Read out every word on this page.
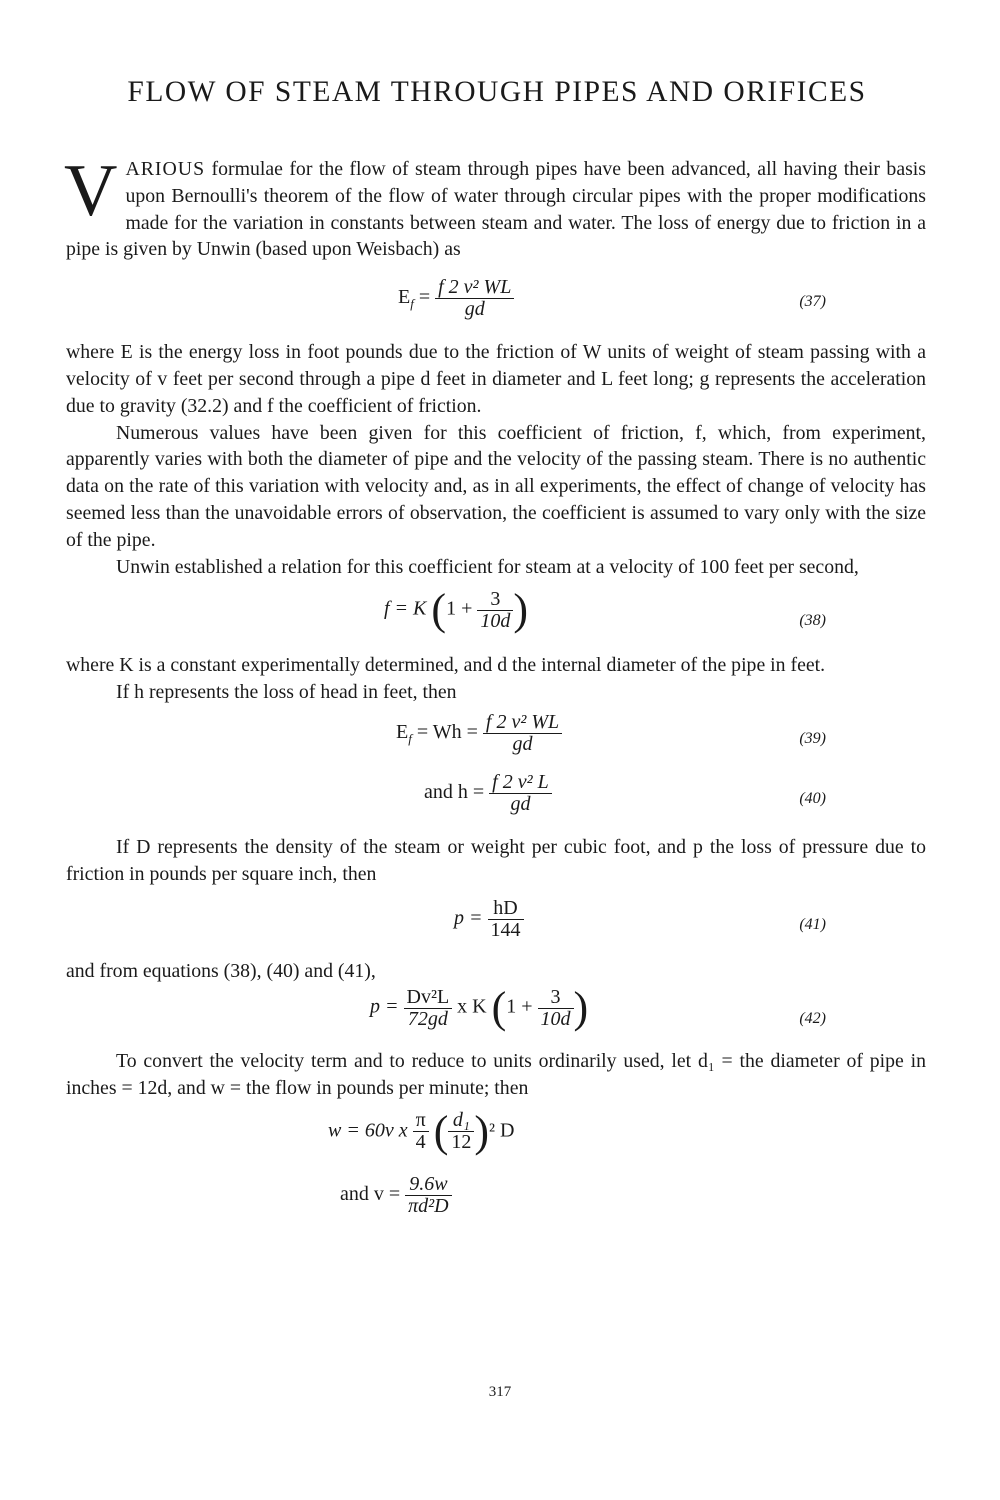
FLOW OF STEAM THROUGH PIPES AND ORIFICES

VARIOUS formulae for the flow of steam through pipes have been advanced, all having their basis upon Bernoulli's theorem of the flow of water through circular pipes with the proper modifications made for the variation in constants between steam and water. The loss of energy due to friction in a pipe is given by Unwin (based upon Weisbach) as

$E_f = \frac{\text{f 2 v² WL}}{gd}$	(37)

where E is the energy loss in foot pounds due to the friction of W units of weight of steam passing with a velocity of v feet per second through a pipe d feet in diameter and L feet long; g represents the acceleration due to gravity (32.2) and f the coefficient of friction.

Numerous values have been given for this coefficient of friction, f, which, from experiment, apparently varies with both the diameter of pipe and the velocity of the passing steam. There is no authentic data on the rate of this variation with velocity and, as in all experiments, the effect of change of velocity has seemed less than the unavoidable errors of observation, the coefficient is assumed to vary only with the size of the pipe.

Unwin established a relation for this coefficient for steam at a velocity of 100 feet per second,

f = K ($1 + \frac{3}{10d}$ )	(38)

where K is a constant experimentally determined, and d the internal diameter of the pipe in feet.

If h represents the loss of head in feet, then

$E_f = Wh = \frac{\text{f 2 v² WL}}{gd}$	(39)
and $h = \frac{\text{f 2 v² L}}{gd}$	(40)

If D represents the density of the steam or weight per cubic foot, and p the loss of pressure due to friction in pounds per square inch, then

$p = \frac{hD}{144}$	(41)

and from equations (38), (40) and (41),

$p = \frac{\text{Dv²L}}{72gd}$ x K ($1 + \frac{3}{10d}$ )	(42)

To convert the velocity term and to reduce to units ordinarily used, let d₁ = the diameter of pipe in inches = 12d, and w = the flow in pounds per minute; then

w = 60v x $\frac{\pi}{4}$ ( $\frac{\text{d₁}}{12} )^2$ D
and $v = \frac{9.6w}{\text{πd²D}}$
317
